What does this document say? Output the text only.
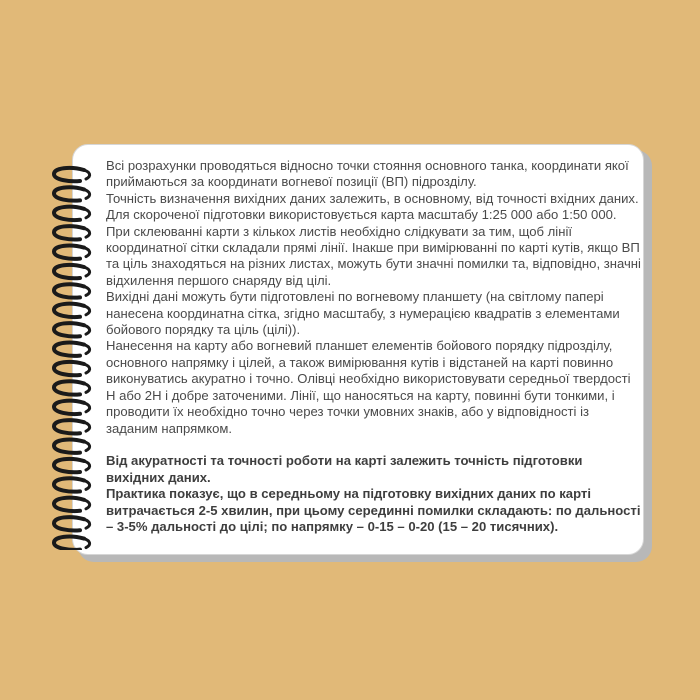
Всі розрахунки проводяться відносно точки стояння основного танка, координати якої приймаються за координати вогневої позиції (ВП) підрозділу.

Точність визначення вихідних даних залежить, в основному, від точності вхідних даних.

Для скороченої підготовки використовується карта масштабу 1:25 000 або 1:50 000.

При склеюванні карти з кількох листів необхідно слідкувати за тим, щоб лінії координатної сітки складали прямі лінії. Інакше при вимірюванні по карті кутів, якщо ВП та ціль знаходяться на різних листах, можуть бути значні помилки та, відповідно, значні відхилення першого снаряду від цілі.

Вихідні дані можуть бути підготовлені по вогневому планшету (на світлому папері нанесена координатна сітка, згідно масштабу, з нумерацією квадратів з елементами бойового порядку та ціль (цілі)).

Нанесення на карту або вогневий планшет елементів бойового порядку підрозділу, основного напрямку і цілей, а також вимірювання кутів і відстаней на карті повинно виконуватись акуратно і точно. Олівці необхідно використовувати середньої твердості Н або 2Н і добре заточеними. Лінії, що наносяться на карту, повинні бути тонкими, і проводити їх необхідно точно через точки умовних знаків, або у відповідності із заданим напрямком.

Від акуратності та точності роботи на карті залежить точність підготовки вихідних даних.

Практика показує, що в середньому на підготовку вихідних даних по карті витрачається 2-5 хвилин, при цьому серединні помилки складають: по дальності – 3-5% дальності до цілі; по напрямку – 0-15 – 0-20 (15 – 20 тисячних).
